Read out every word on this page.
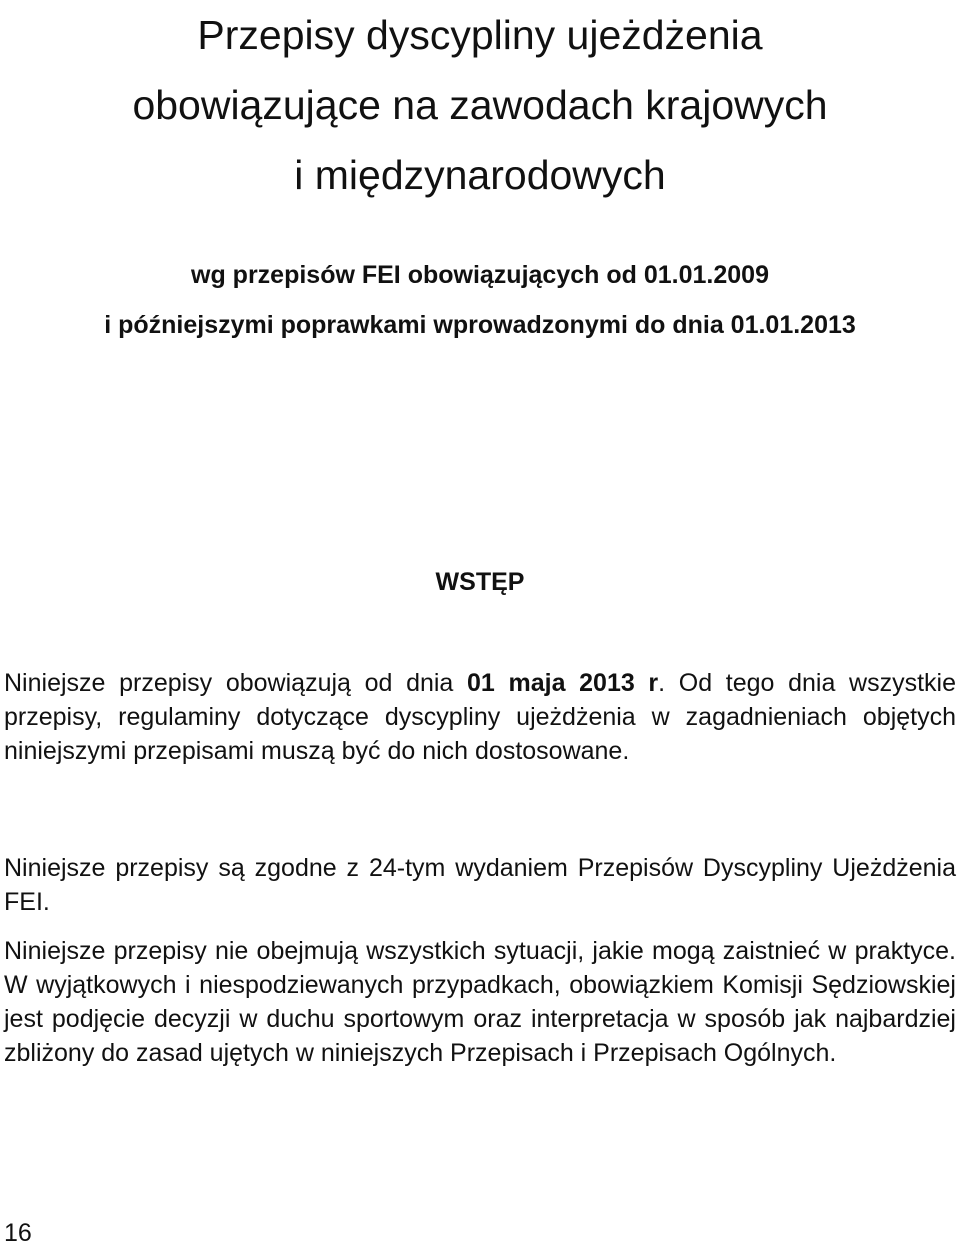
Przepisy dyscypliny ujeżdżenia
obowiązujące na zawodach krajowych
i międzynarodowych
wg przepisów FEI obowiązujących od 01.01.2009
i późniejszymi poprawkami wprowadzonymi do dnia 01.01.2013
WSTĘP

Niniejsze przepisy obowiązują od dnia 01 maja 2013 r. Od tego dnia wszystkie przepisy, regulaminy dotyczące dyscypliny ujeżdżenia w zagadnieniach objętych niniejszymi przepisami muszą być do nich dostosowane.

Niniejsze przepisy są zgodne z 24-tym wydaniem Przepisów Dyscypliny Ujeżdżenia FEI.

Niniejsze przepisy nie obejmują wszystkich sytuacji, jakie mogą zaistnieć w praktyce. W wyjątkowych i niespodziewanych przypadkach, obowiązkiem Komisji Sędziowskiej jest podjęcie decyzji w duchu sportowym oraz interpretacja w sposób jak najbardziej zbliżony do zasad ujętych w niniejszych Przepisach i Przepisach Ogólnych.

16
